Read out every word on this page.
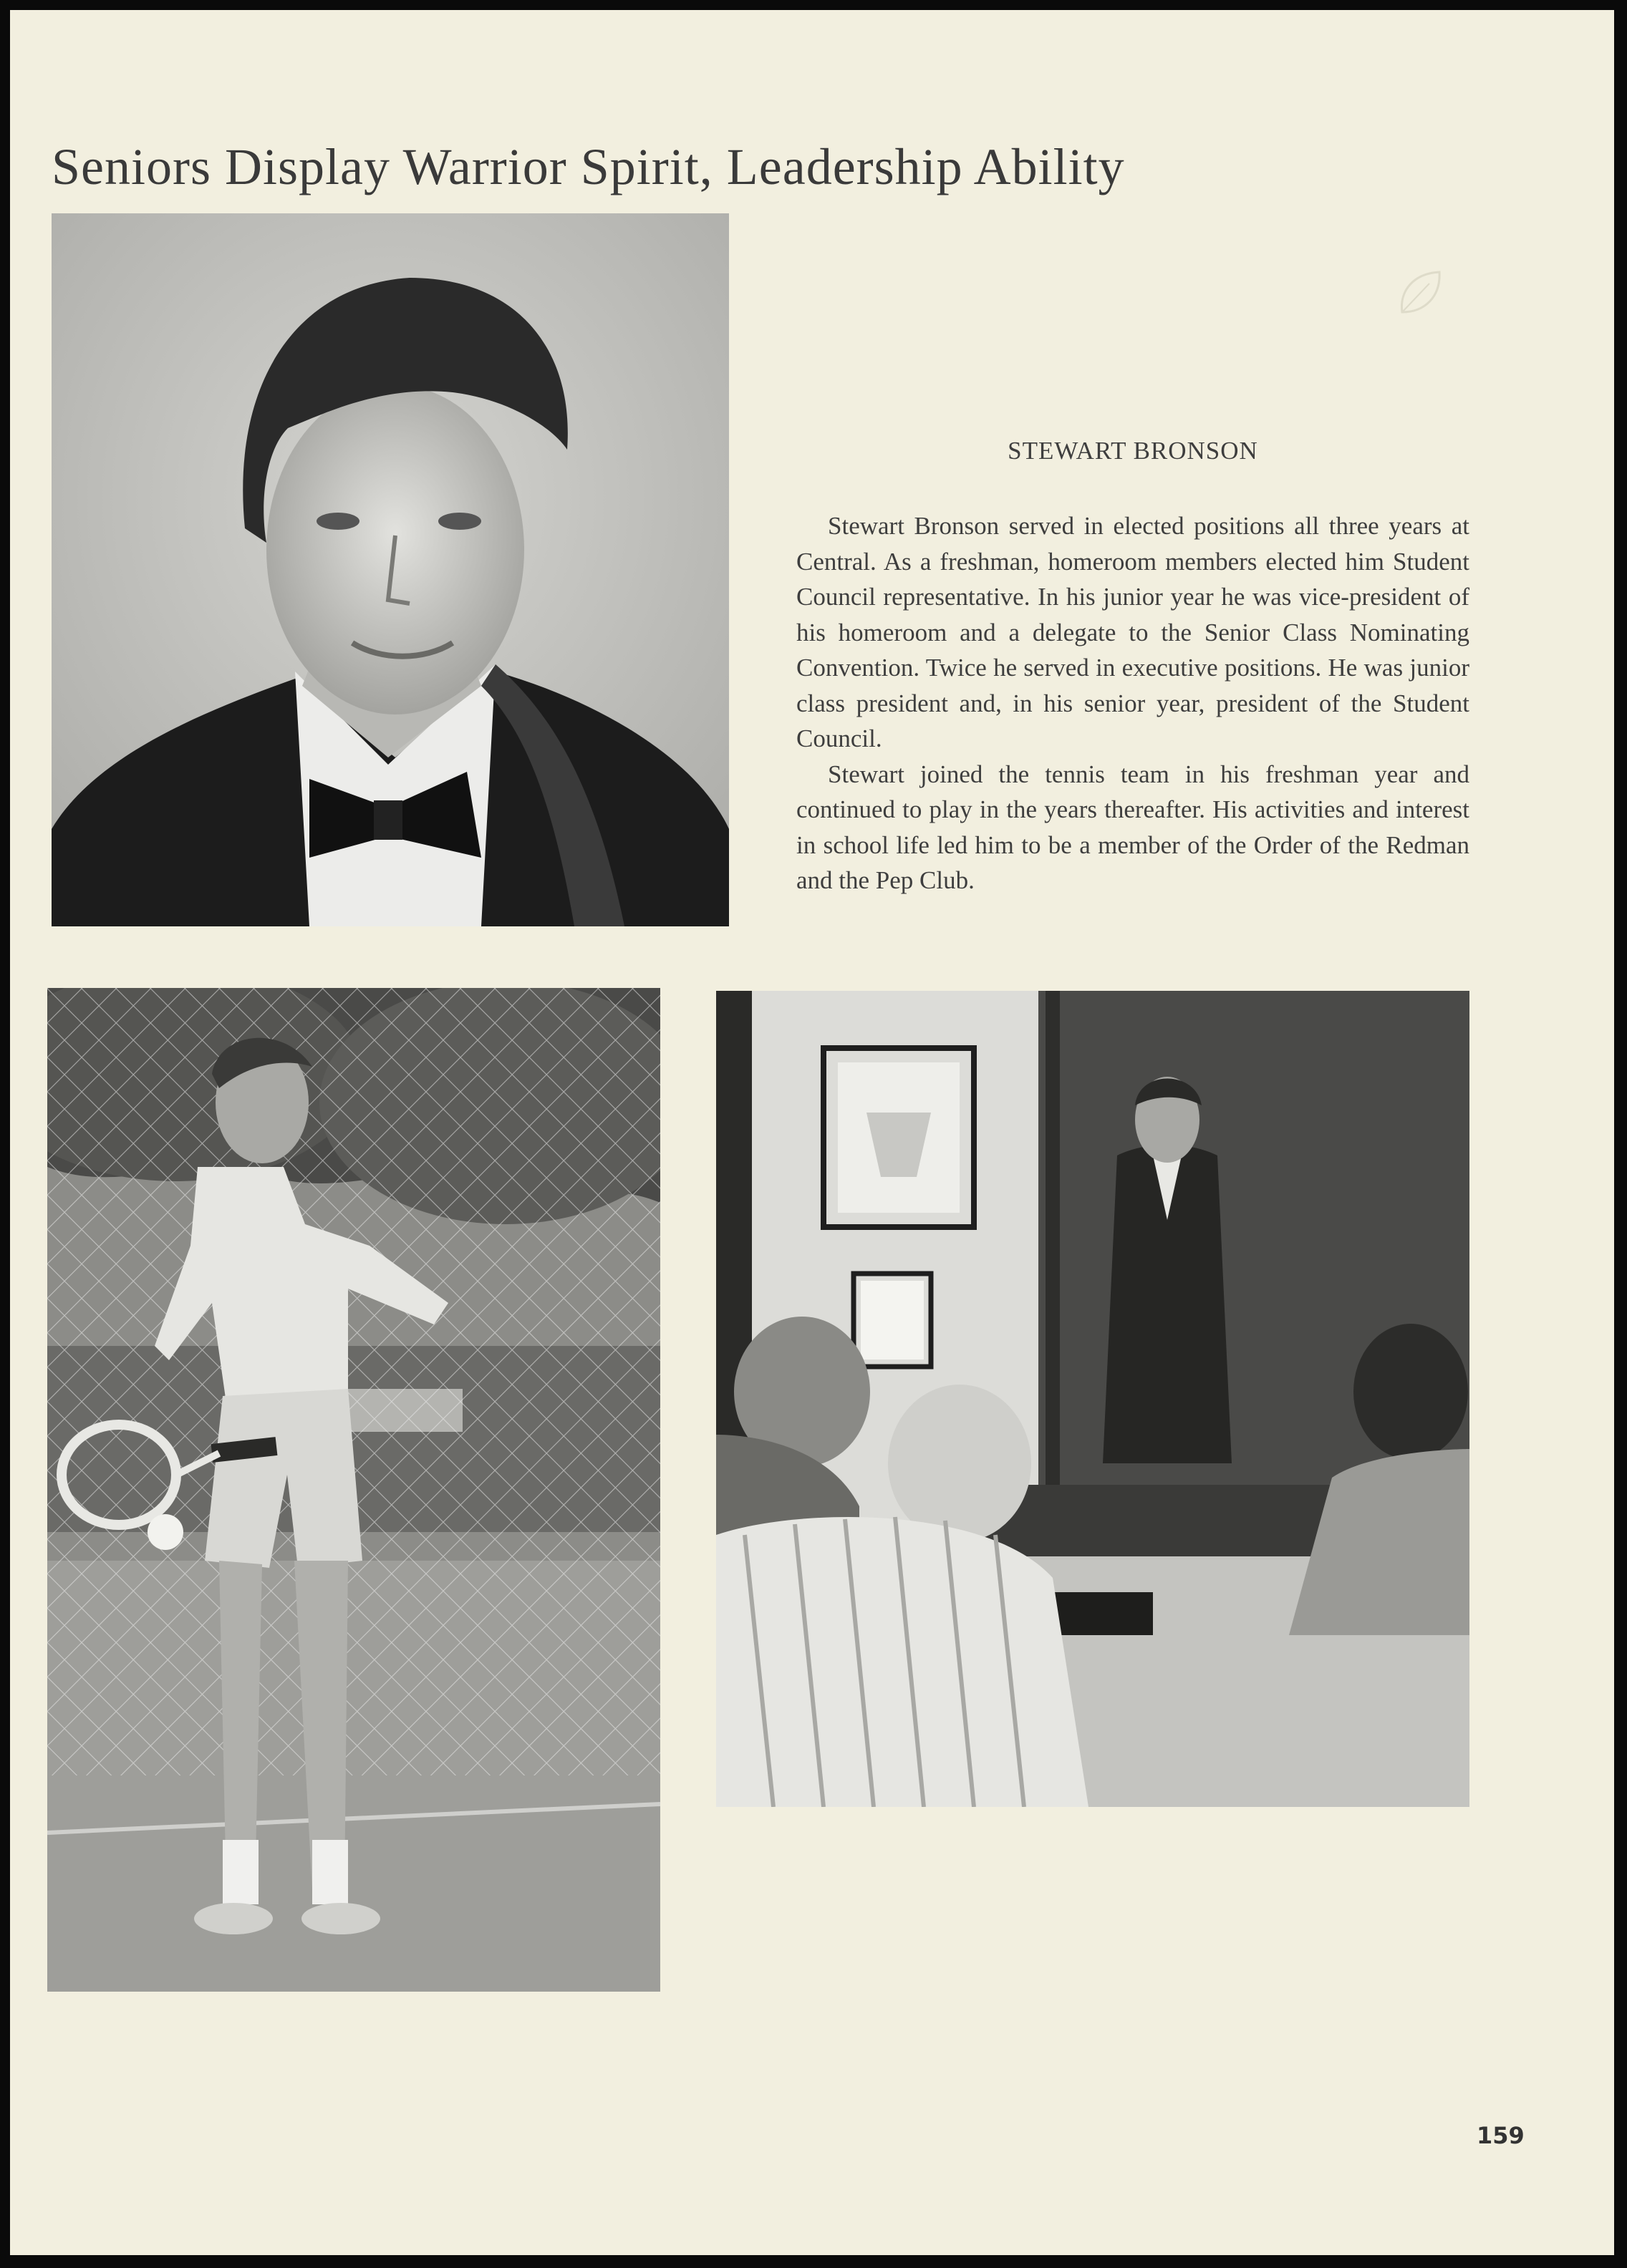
Seniors Display Warrior Spirit, Leadership Ability
STEWART BRONSON

Stewart Bronson served in elected positions all three years at Central. As a freshman, homeroom members elected him Student Council representative. In his junior year he was vice-president of his homeroom and a delegate to the Senior Class Nominating Convention. Twice he served in executive positions. He was junior class president and, in his senior year, president of the Student Council.

Stewart joined the tennis team in his freshman year and continued to play in the years thereafter. His activities and interest in school life led him to be a member of the Order of the Redman and the Pep Club.

159
